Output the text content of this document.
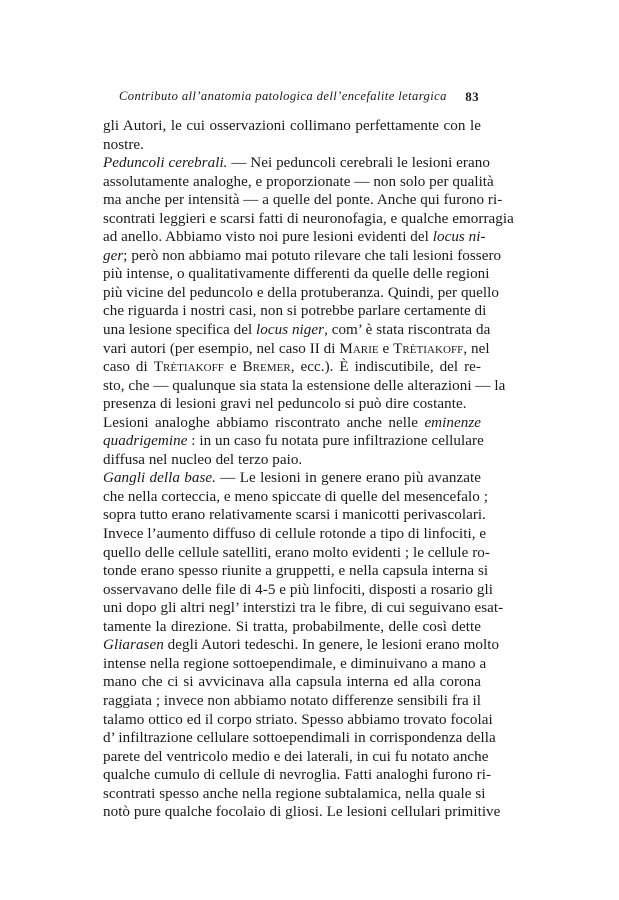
Contributo all’anatomia patologica dell’encefalite letargica 83
gli Autori, le cui osservazioni collimano perfettamente con le
nostre.
Peduncoli cerebrali. — Nei peduncoli cerebrali le lesioni erano
assolutamente analoghe, e proporzionate — non solo per qualità
ma anche per intensità — a quelle del ponte. Anche qui furono ri-
scontrati leggieri e scarsi fatti di neuronofagia, e qualche emorragia
ad anello. Abbiamo visto noi pure lesioni evidenti del locus ni-
ger; però non abbiamo mai potuto rilevare che tali lesioni fossero
più intense, o qualitativamente differenti da quelle delle regioni
più vicine del peduncolo e della protuberanza. Quindi, per quello
che riguarda i nostri casi, non si potrebbe parlare certamente di
una lesione specifica del locus niger, com’ è stata riscontrata da
vari autori (per esempio, nel caso II di Marie e Trètiakoff, nel
caso di Trètiakoff e Bremer, ecc.). È indiscutibile, del re-
sto, che — qualunque sia stata la estensione delle alterazioni — la
presenza di lesioni gravi nel peduncolo si può dire costante.
Lesioni analoghe abbiamo riscontrato anche nelle eminenze
quadrigemine : in un caso fu notata pure infiltrazione cellulare
diffusa nel nucleo del terzo paio.
Gangli della base. — Le lesioni in genere erano più avanzate
che nella corteccia, e meno spiccate di quelle del mesencefalo ;
sopra tutto erano relativamente scarsi i manicotti perivascolari.
Invece l’aumento diffuso di cellule rotonde a tipo di linfociti, e
quello delle cellule satelliti, erano molto evidenti ; le cellule ro-
tonde erano spesso riunite a gruppetti, e nella capsula interna si
osservavano delle file di 4-5 e più linfociti, disposti a rosario gli
uni dopo gli altri negl’ interstizi tra le fibre, di cui seguivano esat-
tamente la direzione. Si tratta, probabilmente, delle così dette
Gliarasen degli Autori tedeschi. In genere, le lesioni erano molto
intense nella regione sottoependimale, e diminuivano a mano a
mano che ci si avvicinava alla capsula interna ed alla corona
raggiata ; invece non abbiamo notato differenze sensibili fra il
talamo ottico ed il corpo striato. Spesso abbiamo trovato focolai
d’ infiltrazione cellulare sottoependimali in corrispondenza della
parete del ventricolo medio e dei laterali, in cui fu notato anche
qualche cumulo di cellule di nevroglia. Fatti analoghi furono ri-
scontrati spesso anche nella regione subtalamica, nella quale si
notò pure qualche focolaio di gliosi. Le lesioni cellulari primitive
